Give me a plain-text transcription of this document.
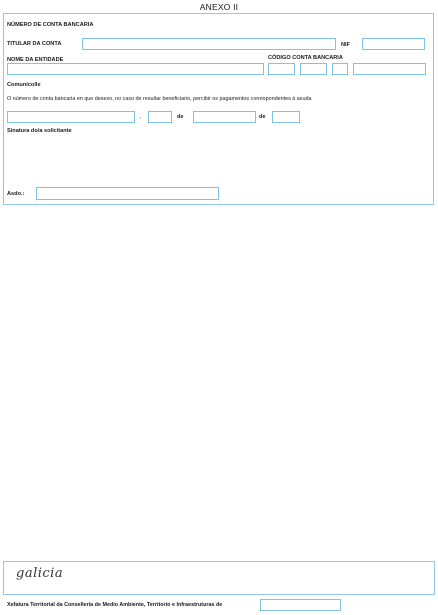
ANEXO II
NÚMERO DE CONTA BANCARIA
TITULAR DA CONTA	NIF
NOME DA ENTIDADE	CÓDIGO CONTA BANCARIA
Comunícolle
O número de conta bancaria en que desexo, no caso de resultar beneficiario, percibir os pagamentos correspondentes á axuda
,	de	de
Sinatura do/a solicitante
Asdo.:
galicia
Xefatura Territorial da Consellería de Medio Ambiente, Territorio e Infraestruturas de
